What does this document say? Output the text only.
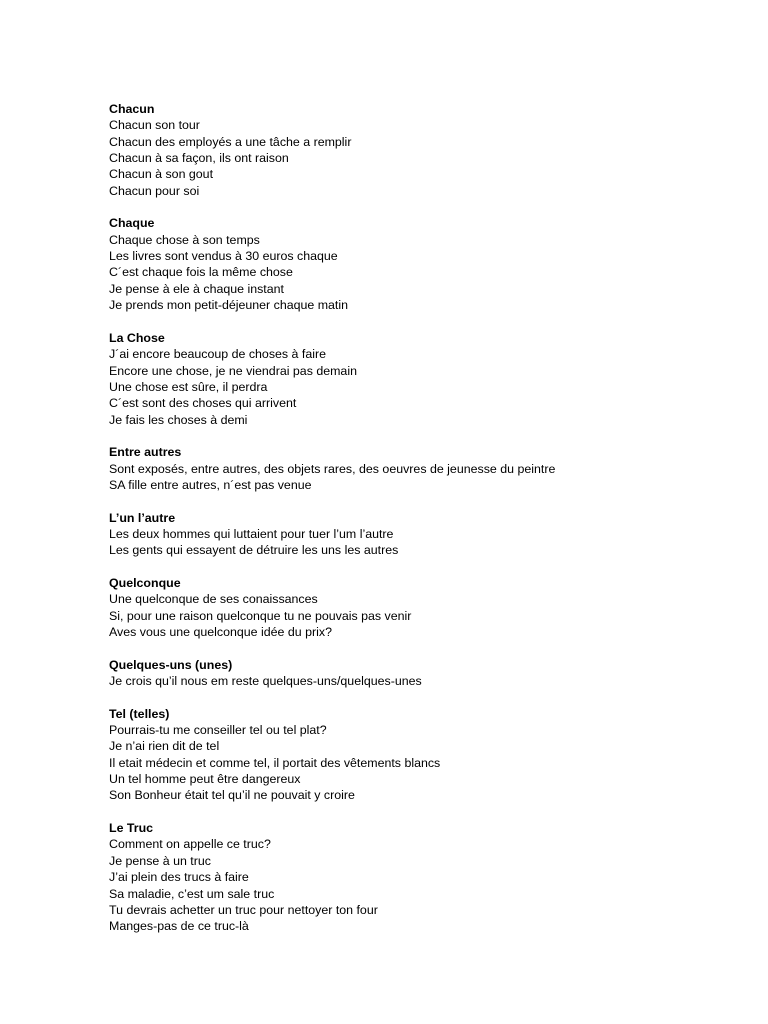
Chacun
Chacun son tour
Chacun des employés a une tâche a remplir
Chacun à sa façon, ils ont raison
Chacun à son gout
Chacun pour soi
Chaque
Chaque chose à son temps
Les livres sont vendus à 30 euros chaque
C´est chaque fois la même chose
Je pense à ele à chaque instant
Je prends mon petit-déjeuner chaque matin
La Chose
J´ai encore beaucoup de choses à faire
Encore une chose, je ne viendrai pas demain
Une chose est sûre, il perdra
C´est sont des choses qui arrivent
Je fais les choses à demi
Entre autres
Sont exposés, entre autres, des objets rares, des oeuvres de jeunesse du peintre
SA fille entre autres, n´est pas venue
L’un l’autre
Les deux hommes qui luttaient pour tuer l’um l’autre
Les gents qui essayent de détruire les uns les autres
Quelconque
Une quelconque de ses conaissances
Si, pour une raison quelconque tu ne pouvais pas venir
Aves vous une quelconque idée du prix?
Quelques-uns (unes)
Je crois qu’il nous em reste quelques-uns/quelques-unes
Tel (telles)
Pourrais-tu me conseiller tel ou tel plat?
Je n’ai rien dit de tel
Il etait médecin et comme tel, il portait des vêtements blancs
Un tel homme peut être dangereux
Son Bonheur était tel qu’il ne pouvait y croire
Le Truc
Comment on appelle ce truc?
Je pense à un truc
J’ai plein des trucs à faire
Sa maladie, c’est um sale truc
Tu devrais achetter un truc pour nettoyer ton four
Manges-pas de ce truc-là
